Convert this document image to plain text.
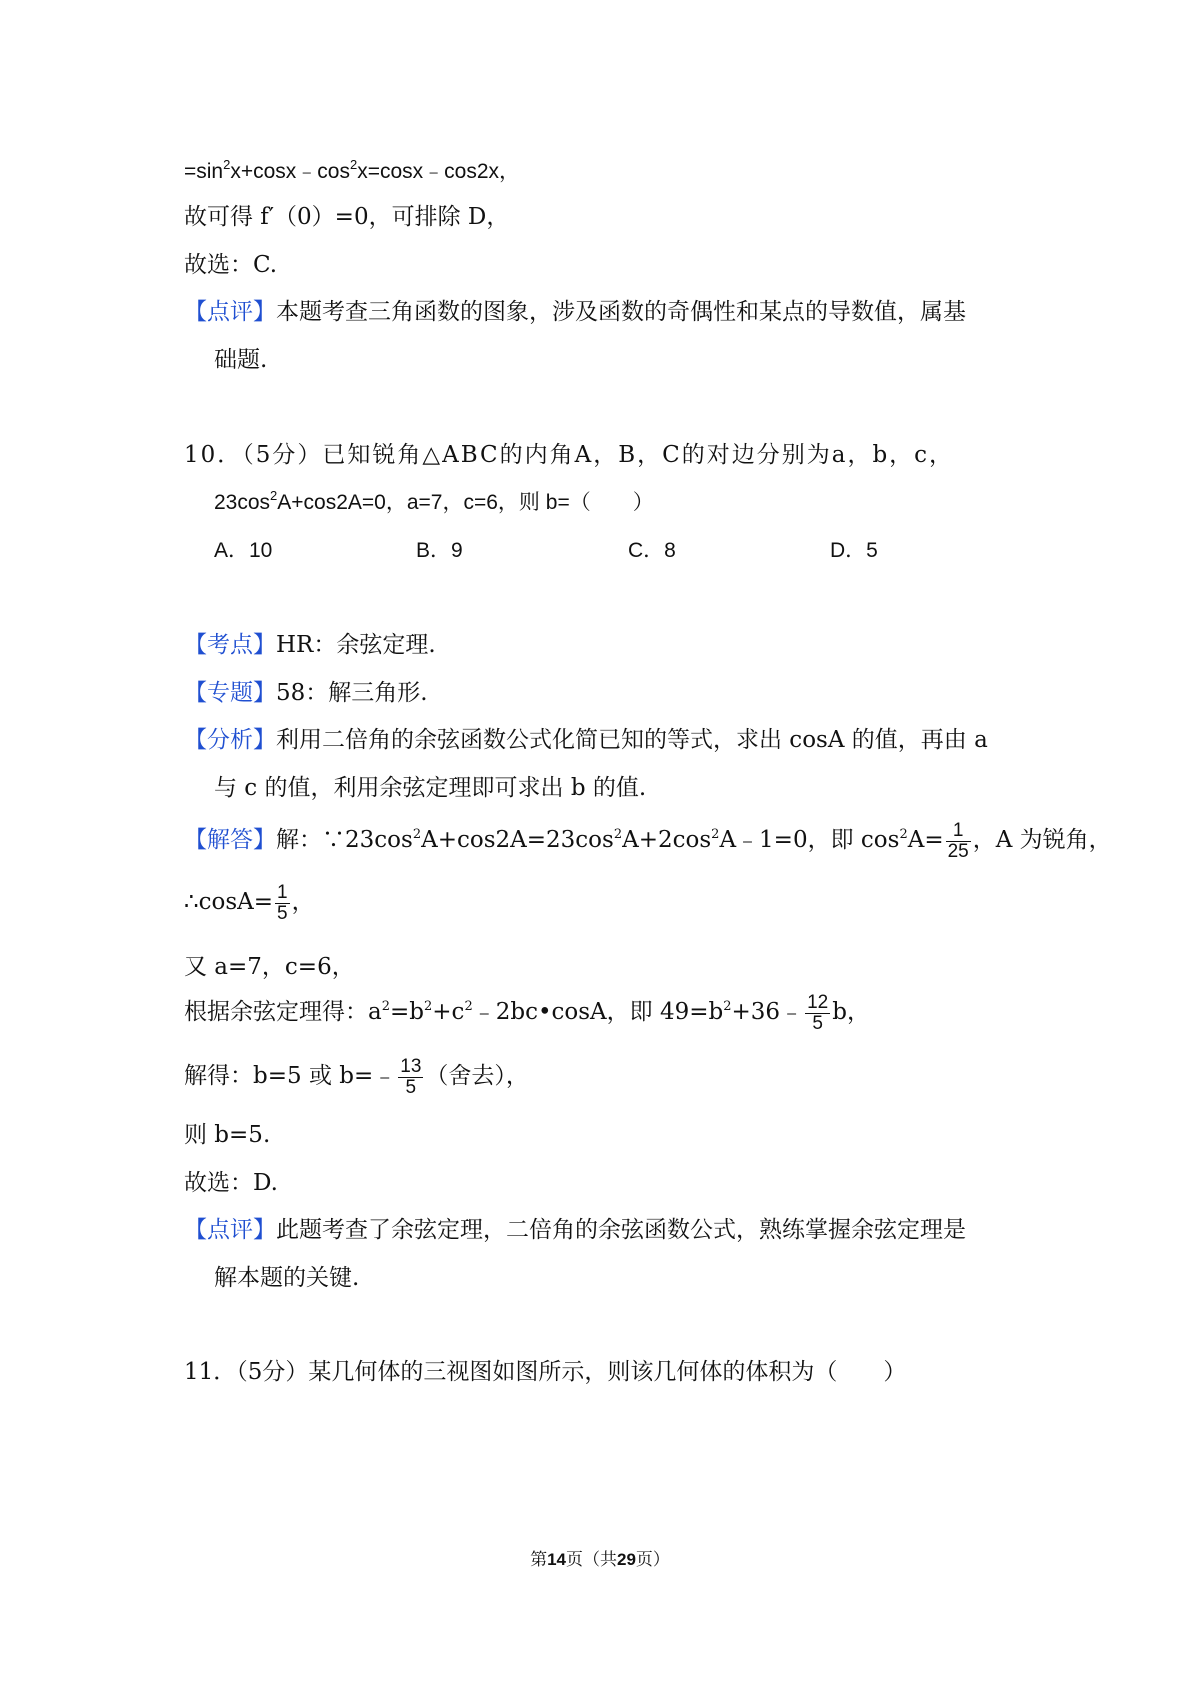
$=\sin^2x+\cos x﹣\cos^2x=\cos x﹣\cos 2x$，
故可得 f′（0）=0，可排除 D，
故选：C.
【点评】本题考查三角函数的图象，涉及函数的奇偶性和某点的导数值，属基
础题.
10．（5分）已知锐角△ABC的内角A，B，C的对边分别为a，b，c，
$23\cos^2A+\cos 2A=0$，a=7，c=6，则 b=（　　）
A．10	B．9	C．8	D．5
【考点】HR：余弦定理.
【专题】58：解三角形.
【分析】利用二倍角的余弦函数公式化简已知的等式，求出 cosA 的值，再由 a
与 c 的值，利用余弦定理即可求出 b 的值.
【解答】解：$\because 23\cos^2A+\cos 2A=23\cos^2A+2\cos^2A﹣1=0$，即 $\cos^2A= \frac{1}{25}$ ，A 为锐角，
∴cosA= $\frac{1}{5}$ ，
又 a=7，c=6，
根据余弦定理得：$a^2=b^2+c^2﹣2bc•\cos A$，即 $49=b^2+36﹣ \frac{12}{5}$ b，
解得：b=5 或 b=﹣ $\frac{13}{5}$ （舍去），
则 b=5.
故选：D.
【点评】此题考查了余弦定理，二倍角的余弦函数公式，熟练掌握余弦定理是
解本题的关键.
11．（5分）某几何体的三视图如图所示，则该几何体的体积为（　　）
第14页（共29页）
